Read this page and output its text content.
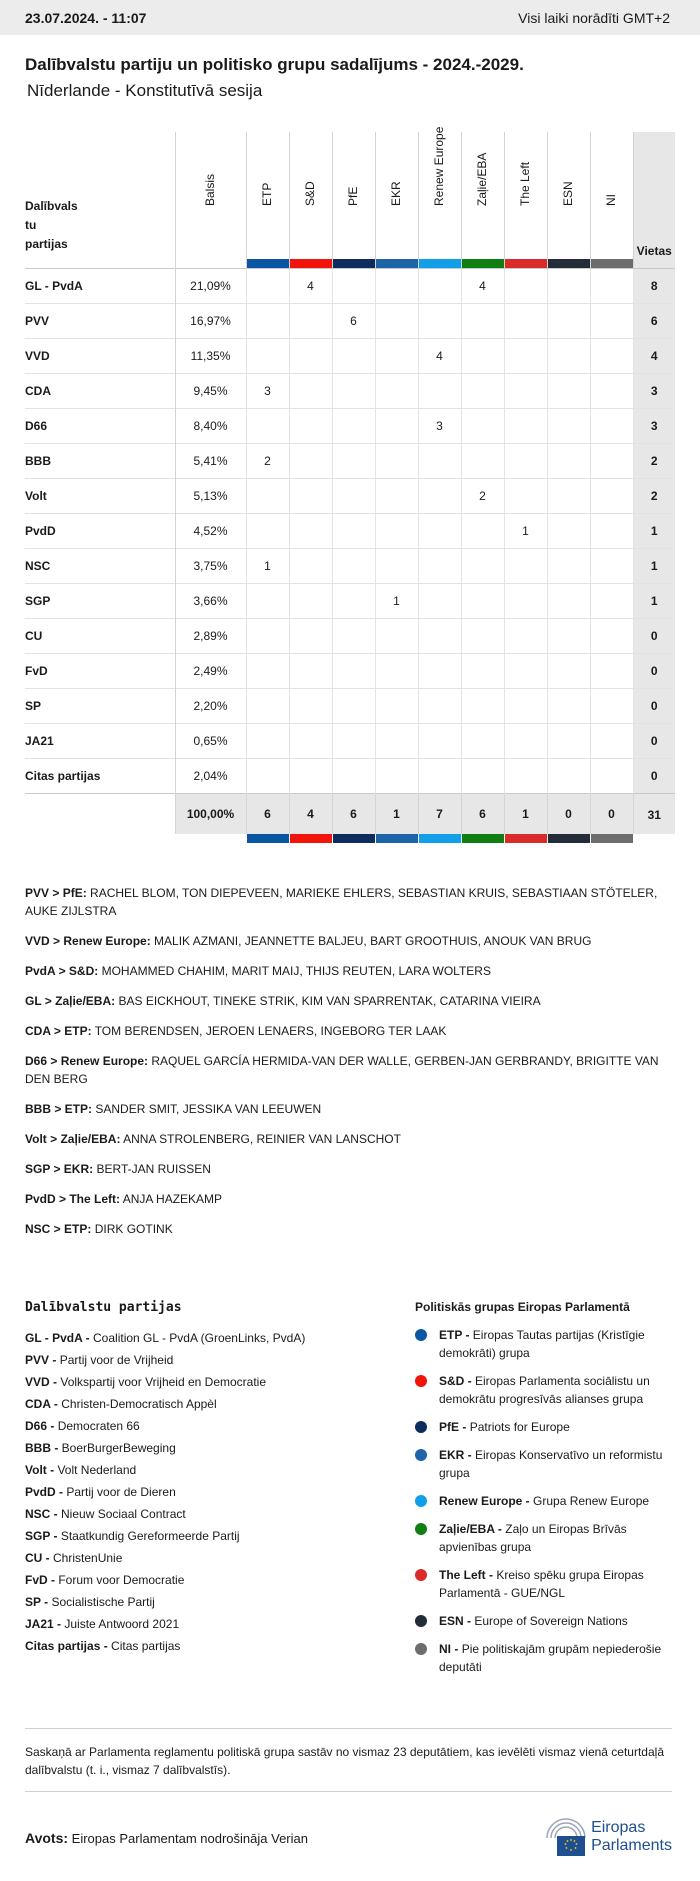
23.07.2024. - 11:07	Visi laiki norādīti GMT+2
Dalībvalstu partiju un politisko grupu sadalījums - 2024.-2029.
Nīderlande - Konstitutīvā sesija
Dalībvals
tu
partijas	Balsis	ETP	S&D	PfE	EKR	Renew Europe	Zaļie/EBA	The Left	ESN	NI	Vietas
GL - PvdA	21,09%		4				4				8
PVV	16,97%			6							6
VVD	11,35%					4					4
CDA	9,45%	3									3
D66	8,40%					3					3
BBB	5,41%	2									2
Volt	5,13%						2				2
PvdD	4,52%							1			1
NSC	3,75%	1									1
SGP	3,66%				1						1
CU	2,89%										0
FvD	2,49%										0
SP	2,20%										0
JA21	0,65%										0
Citas partijas	2,04%										0
	100,00%	6	4	6	1	7	6	1	0	0	31

PVV > PfE: RACHEL BLOM, TON DIEPEVEEN, MARIEKE EHLERS, SEBASTIAN KRUIS, SEBASTIAAN STÖTELER, AUKE ZIJLSTRA

VVD > Renew Europe: MALIK AZMANI, JEANNETTE BALJEU, BART GROOTHUIS, ANOUK VAN BRUG

PvdA > S&D: MOHAMMED CHAHIM, MARIT MAIJ, THIJS REUTEN, LARA WOLTERS

GL > Zaļie/EBA: BAS EICKHOUT, TINEKE STRIK, KIM VAN SPARRENTAK, CATARINA VIEIRA

CDA > ETP: TOM BERENDSEN, JEROEN LENAERS, INGEBORG TER LAAK

D66 > Renew Europe: RAQUEL GARCÍA HERMIDA-VAN DER WALLE, GERBEN-JAN GERBRANDY, BRIGITTE VAN DEN BERG

BBB > ETP: SANDER SMIT, JESSIKA VAN LEEUWEN

Volt > Zaļie/EBA: ANNA STROLENBERG, REINIER VAN LANSCHOT

SGP > EKR: BERT-JAN RUISSEN

PvdD > The Left: ANJA HAZEKAMP

NSC > ETP: DIRK GOTINK

Dalībvalstu partijas
GL - PvdA - Coalition GL - PvdA (GroenLinks, PvdA)
PVV - Partij voor de Vrijheid
VVD - Volkspartij voor Vrijheid en Democratie
CDA - Christen-Democratisch Appèl
D66 - Democraten 66
BBB - BoerBurgerBeweging
Volt - Volt Nederland
PvdD - Partij voor de Dieren
NSC - Nieuw Sociaal Contract
SGP - Staatkundig Gereformeerde Partij
CU - ChristenUnie
FvD - Forum voor Democratie
SP - Socialistische Partij
JA21 - Juiste Antwoord 2021
Citas partijas - Citas partijas
Politiskās grupas Eiropas Parlamentā
ETP - Eiropas Tautas partijas (Kristīgie demokrāti) grupa
S&D - Eiropas Parlamenta sociālistu un demokrātu progresīvās alianses grupa
PfE - Patriots for Europe
EKR - Eiropas Konservatīvo un reformistu grupa
Renew Europe - Grupa Renew Europe
Zaļie/EBA - Zaļo un Eiropas Brīvās apvienības grupa
The Left - Kreiso spēku grupa Eiropas Parlamentā - GUE/NGL
ESN - Europe of Sovereign Nations
NI - Pie politiskajām grupām nepiederošie deputāti
Saskaņā ar Parlamenta reglamentu politiskā grupa sastāv no vismaz 23 deputātiem, kas ievēlēti vismaz vienā ceturtdaļā dalībvalstu (t. i., vismaz 7 dalībvalstīs).
Avots: Eiropas Parlamentam nodrošināja Verian
Eiropas
Parlaments
